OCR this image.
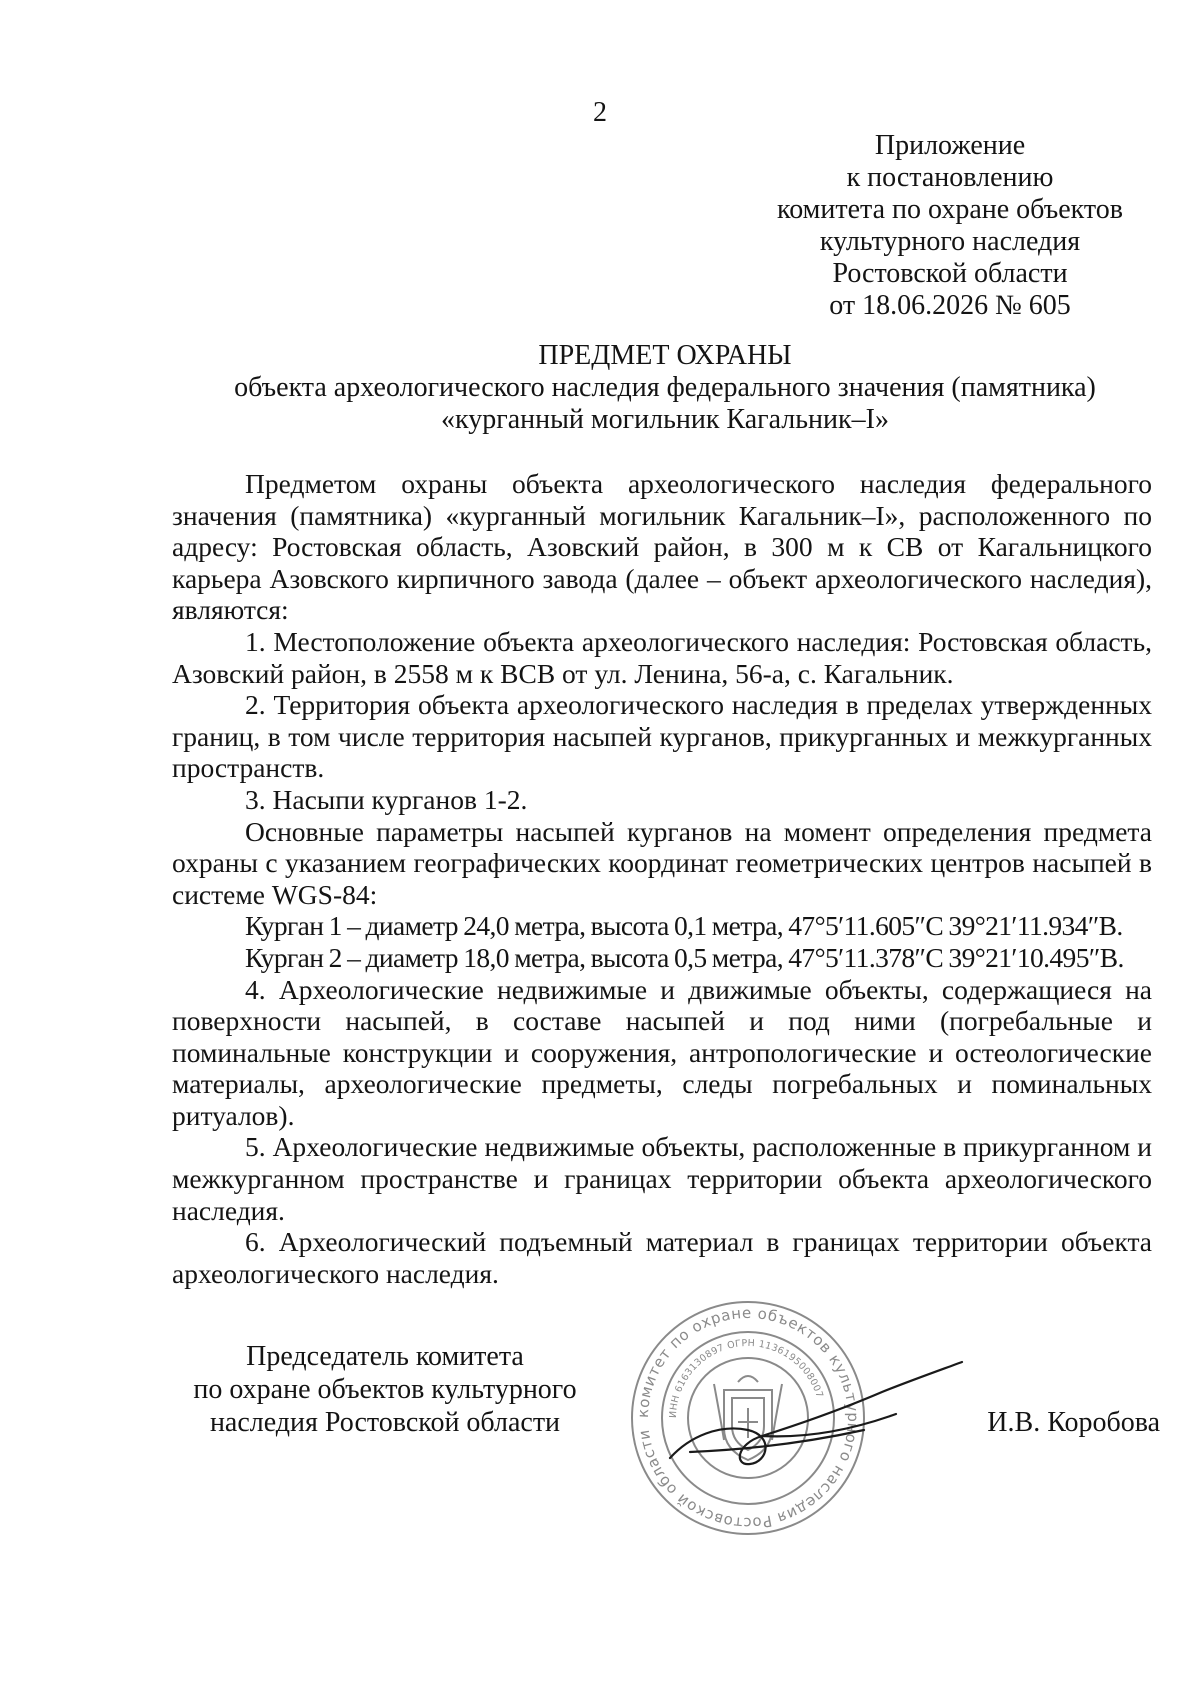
2
Приложение
к постановлению
комитета по охране объектов
культурного наследия
Ростовской области
от 18.06.2026 № 605
ПРЕДМЕТ ОХРАНЫ
объекта археологического наследия федерального значения (памятника)
«курганный могильник Кагальник–I»

Предметом охраны объекта археологического наследия федерального значения (памятника) «курганный могильник Кагальник–I», расположенного по адресу: Ростовская область, Азовский район, в 300 м к СВ от Кагальницкого карьера Азовского кирпичного завода (далее – объект археологического наследия), являются:

1. Местоположение объекта археологического наследия: Ростовская область, Азовский район, в 2558 м к ВСВ от ул. Ленина, 56-а, с. Кагальник.

2. Территория объекта археологического наследия в пределах утвержденных границ, в том числе территория насыпей курганов, прикурганных и межкурганных пространств.

3. Насыпи курганов 1-2.

Основные параметры насыпей курганов на момент определения предмета охраны с указанием географических координат геометрических центров насыпей в системе WGS-84:

Курган 1 – диаметр 24,0 метра, высота 0,1 метра, 47°5′11.605″С 39°21′11.934″В.

Курган 2 – диаметр 18,0 метра, высота 0,5 метра, 47°5′11.378″С 39°21′10.495″В.

4. Археологические недвижимые и движимые объекты, содержащиеся на поверхности насыпей, в составе насыпей и под ними (погребальные и поминальные конструкции и сооружения, антропологические и остеологические материалы, археологические предметы, следы погребальных и поминальных ритуалов).

5. Археологические недвижимые объекты, расположенные в прикурганном и межкурганном пространстве и границах территории объекта археологического наследия.

6. Археологический подъемный материал в границах территории объекта археологического наследия.

Председатель комитета
по охране объектов культурного
наследия Ростовской области	комитет по охране объектов культурного наследия Ростовской области
ИНН 6163130897 ОГРН 1136195008007
И.В. Коробова
